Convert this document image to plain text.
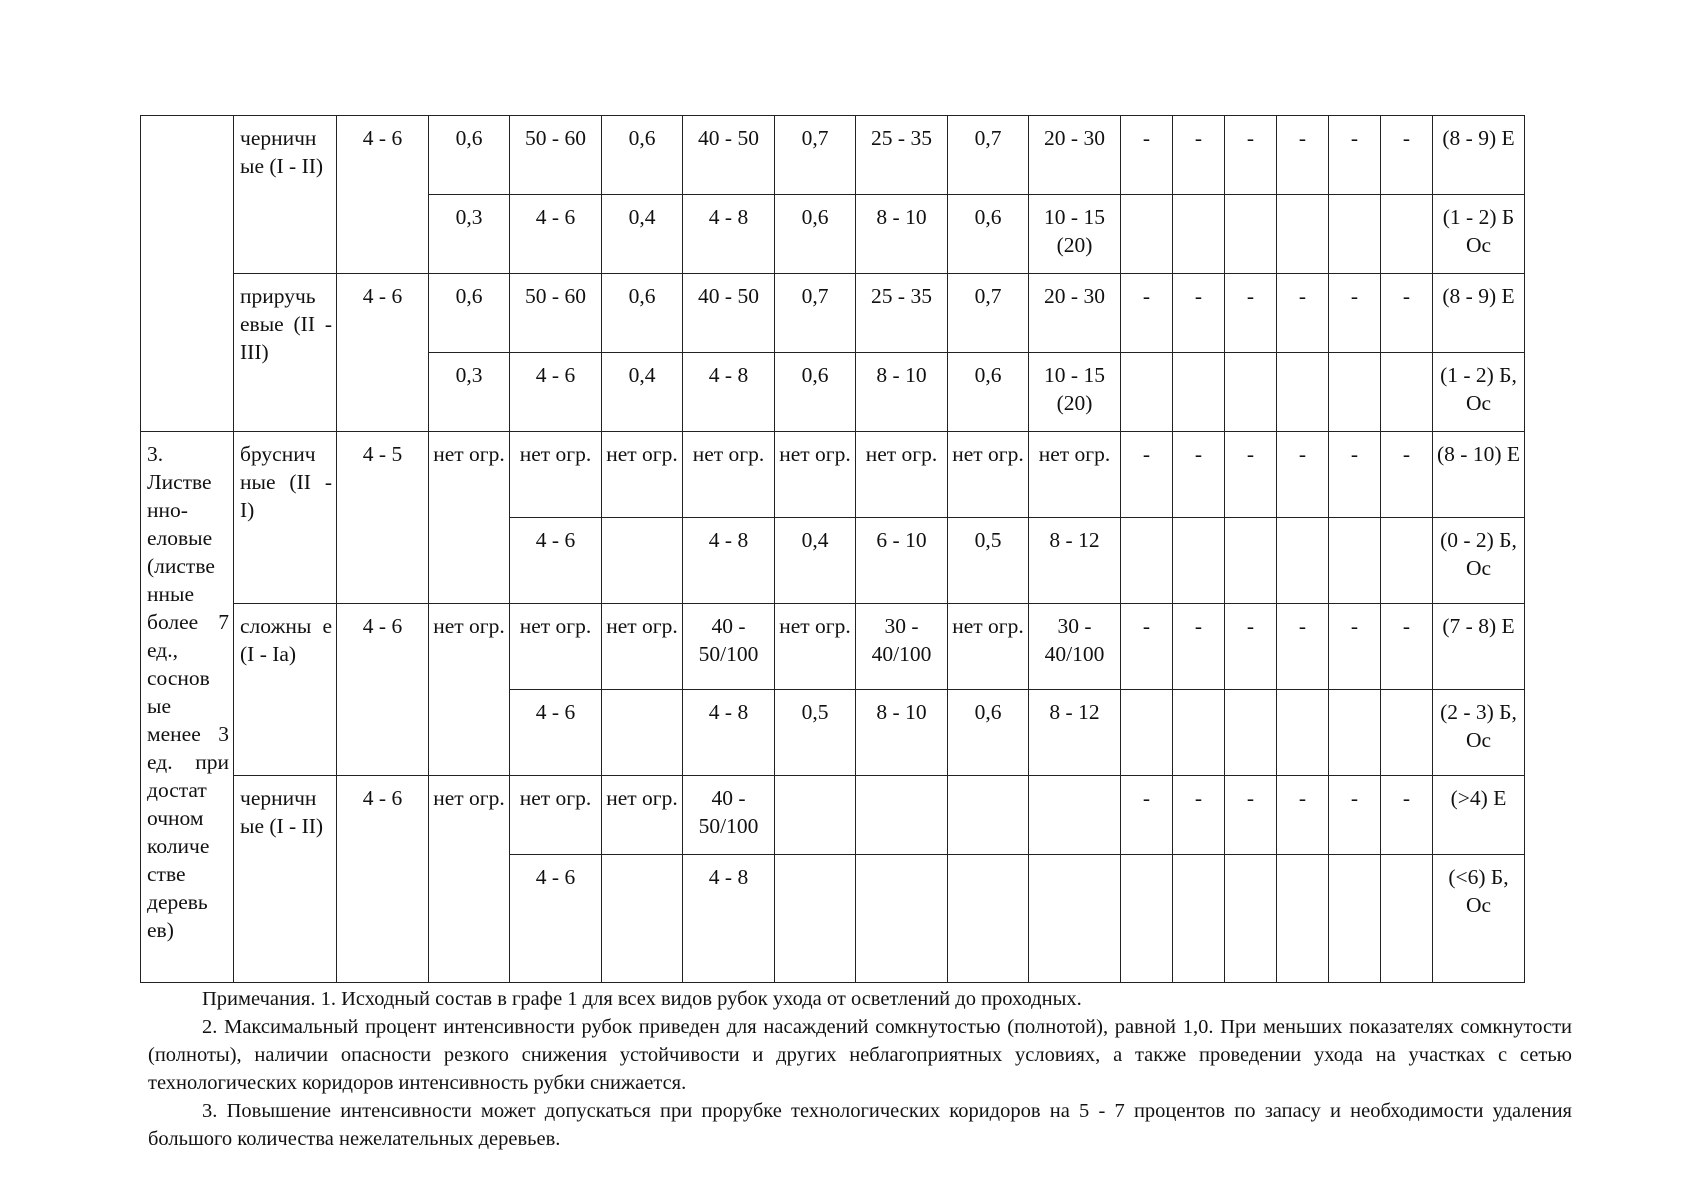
	черничн ые (I - II)	4 - 6	0,6	50 - 60	0,6	40 - 50	0,7	25 - 35	0,7	20 - 30	-	-	-	-	-	-	(8 - 9) Е
			0,3	4 - 6	0,4	4 - 8	0,6	8 - 10	0,6	10 - 15 (20)							(1 - 2) Б Ос
	приручь евые (II - III)	4 - 6	0,6	50 - 60	0,6	40 - 50	0,7	25 - 35	0,7	20 - 30	-	-	-	-	-	-	(8 - 9) Е
			0,3	4 - 6	0,4	4 - 8	0,6	8 - 10	0,6	10 - 15 (20)							(1 - 2) Б, Ос
3. Листве нно-еловые (листве нные более 7 ед., соснов ые менее 3 ед. при достат очном количе стве деревь ев)	бруснич ные (II - I)	4 - 5	нет огр.	нет огр.	нет огр.	нет огр.	нет огр.	нет огр.	нет огр.	нет огр.	-	-	-	-	-	-	(8 - 10) Е
				4 - 6		4 - 8	0,4	6 - 10	0,5	8 - 12							(0 - 2) Б, Ос
	сложны е (I - Ia)	4 - 6	нет огр.	нет огр.	нет огр.	40 - 50/100	нет огр.	30 - 40/100	нет огр.	30 - 40/100	-	-	-	-	-	-	(7 - 8) Е
				4 - 6		4 - 8	0,5	8 - 10	0,6	8 - 12							(2 - 3) Б, Ос
	черничн ые (I - II)	4 - 6	нет огр.	нет огр.	нет огр.	40 - 50/100					-	-	-	-	-	-	(>4) Е
				4 - 6		4 - 8											(<6) Б, Ос

Примечания. 1. Исходный состав в графе 1 для всех видов рубок ухода от осветлений до проходных.

2. Максимальный процент интенсивности рубок приведен для насаждений сомкнутостью (полнотой), равной 1,0. При меньших показателях сомкнутости (полноты), наличии опасности резкого снижения устойчивости и других неблагоприятных условиях, а также проведении ухода на участках с сетью технологических коридоров интенсивность рубки снижается.

3. Повышение интенсивности может допускаться при прорубке технологических коридоров на 5 - 7 процентов по запасу и необходимости удаления большого количества нежелательных деревьев.
